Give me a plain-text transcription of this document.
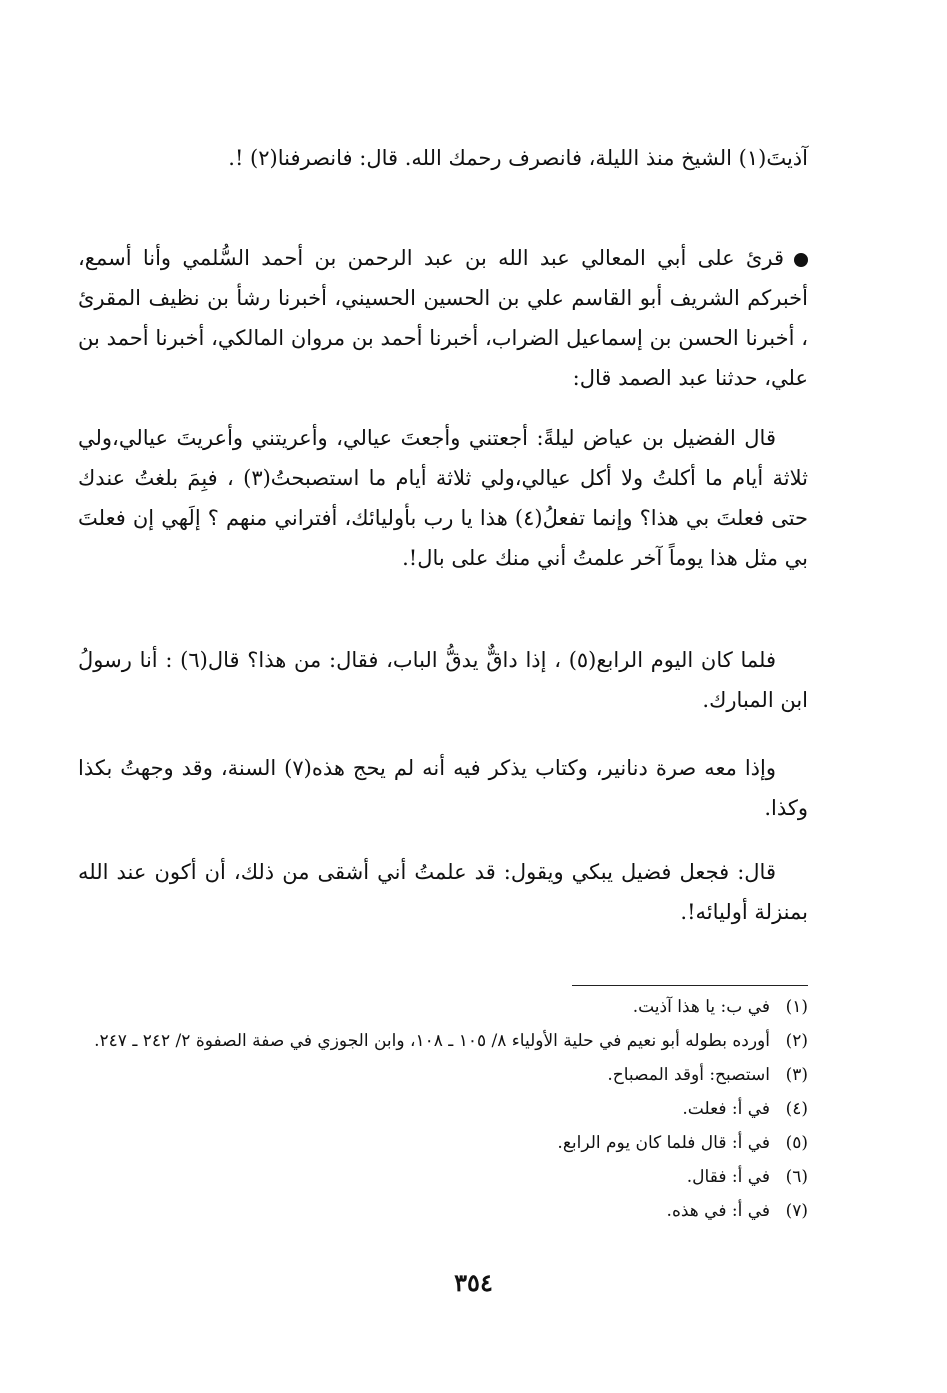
آذيتَ(١) الشيخ منذ الليلة، فانصرف رحمك الله. قال: فانصرفنا(٢) !.

قرئ على أبي المعالي عبد الله بن عبد الرحمن بن أحمد السُّلمي وأنا أسمع، أخبركم الشريف أبو القاسم علي بن الحسين الحسيني، أخبرنا رشأ بن نظيف المقرئ ، أخبرنا الحسن بن إسماعيل الضراب، أخبرنا أحمد بن مروان المالكي، أخبرنا أحمد بن علي، حدثنا عبد الصمد قال:

قال الفضيل بن عياض ليلةً: أجعتني وأجعتَ عيالي، وأعريتني وأعريتَ عيالي،ولي ثلاثة أيام ما أكلتُ ولا أكل عيالي،ولي ثلاثة أيام ما استصبحتُ(٣) ، فبِمَ بلغتُ عندك حتى فعلتَ بي هذا؟ وإنما تفعلُ(٤) هذا يا رب بأوليائك، أفتراني منهم ؟ إلَهي إن فعلتَ بي مثل هذا يوماً آخر علمتُ أني منك على بال!.

فلما كان اليوم الرابع(٥) ، إذا داقٌّ يدقُّ الباب، فقال: من هذا؟ قال(٦) : أنا رسولُ ابن المبارك.

وإذا معه صرة دنانير، وكتاب يذكر فيه أنه لم يحج هذه(٧) السنة، وقد وجهتُ بكذا وكذا.

قال: فجعل فضيل يبكي ويقول: قد علمتُ أني أشقى من ذلك، أن أكون عند الله بمنزلة أوليائه!.

(١)
في ب: يا هذا آذيت.
(٢)
أورده بطوله أبو نعيم في حلية الأولياء ٨/ ١٠٥ ـ ١٠٨، وابن الجوزي في صفة الصفوة ٢/ ٢٤٢ ـ ٢٤٧.
(٣)
استصبح: أوقد المصباح.
(٤)
في أ: فعلت.
(٥)
في أ: قال فلما كان يوم الرابع.
(٦)
في أ: فقال.
(٧)
في أ: في هذه.
٣٥٤
